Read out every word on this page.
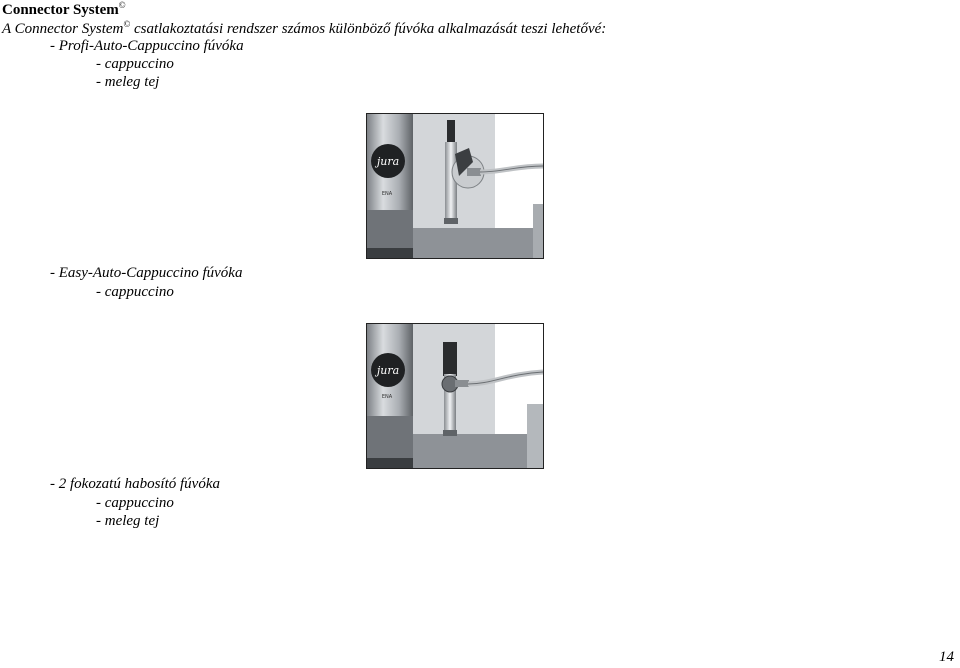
Connector System©
A Connector System© csatlakoztatási rendszer számos különböző fúvóka alkalmazását teszi lehetővé:
- Profi-Auto-Cappuccino fúvóka
- cappuccino
- meleg tej
jura
ENA
- Easy-Auto-Cappuccino fúvóka
- cappuccino
jura
ENA
- 2 fokozatú habosító fúvóka
- cappuccino
- meleg tej
14
